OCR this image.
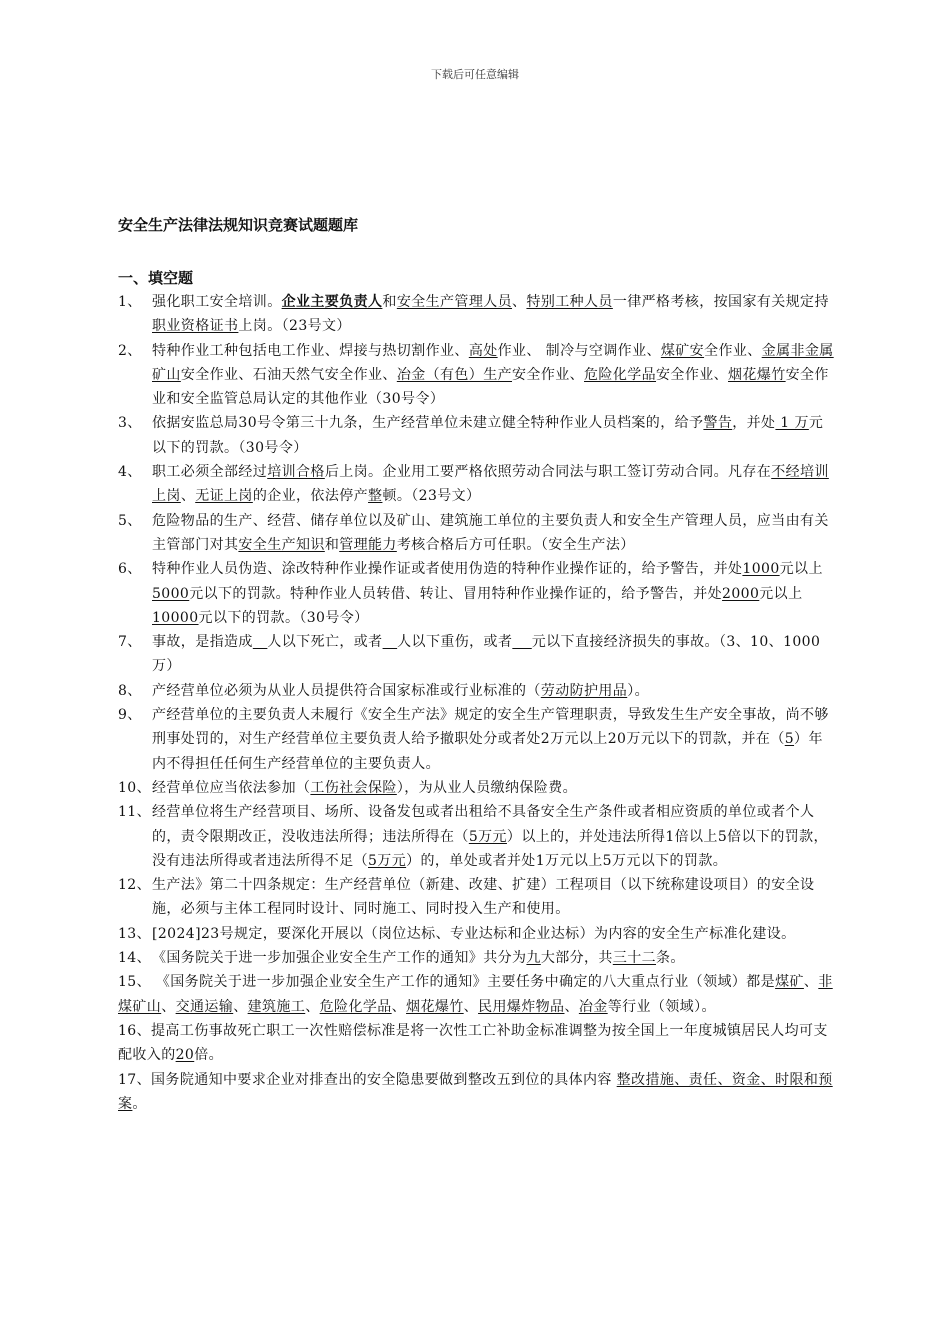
下载后可任意编辑
安全生产法律法规知识竞赛试题题库
一、填空题
1、 强化职工安全培训。企业主要负责人和安全生产管理人员、特别工种人员一律严格考核，按国家有关规定持职业资格证书上岗。（23号文）
2、 特种作业工种包括电工作业、焊接与热切割作业、高处作业、 制冷与空调作业、煤矿安全作业、金属非金属矿山安全作业、石油天然气安全作业、冶金（有色）生产安全作业、危险化学品安全作业、烟花爆竹安全作业和安全监管总局认定的其他作业（30号令）
3、 依据安监总局30号令第三十九条，生产经营单位未建立健全特种作业人员档案的，给予警告，并处 1 万元以下的罚款。（30号令）
4、 职工必须全部经过培训合格后上岗。企业用工要严格依照劳动合同法与职工签订劳动合同。凡存在不经培训上岗、无证上岗的企业，依法停产整顿。（23号文）
5、 危险物品的生产、经营、储存单位以及矿山、建筑施工单位的主要负责人和安全生产管理人员，应当由有关主管部门对其安全生产知识和管理能力考核合格后方可任职。（安全生产法）
6、 特种作业人员伪造、涂改特种作业操作证或者使用伪造的特种作业操作证的，给予警告，并处1000元以上5000元以下的罚款。特种作业人员转借、转让、冒用特种作业操作证的，给予警告，并处2000元以上10000元以下的罚款。（30号令）
7、 事故，是指造成 人以下死亡，或者 人以下重伤，或者 元以下直接经济损失的事故。（3、10、1000万）
8、 产经营单位必须为从业人员提供符合国家标准或行业标准的（劳动防护用品）。
9、 产经营单位的主要负责人未履行《安全生产法》规定的安全生产管理职责，导致发生生产安全事故，尚不够刑事处罚的，对生产经营单位主要负责人给予撤职处分或者处2万元以上20万元以下的罚款，并在（5）年内不得担任任何生产经营单位的主要负责人。
10、 经营单位应当依法参加（工伤社会保险），为从业人员缴纳保险费。
11、 经营单位将生产经营项目、场所、设备发包或者出租给不具备安全生产条件或者相应资质的单位或者个人的，责令限期改正，没收违法所得；违法所得在（5万元）以上的，并处违法所得1倍以上5倍以下的罚款，没有违法所得或者违法所得不足（5万元）的，单处或者并处1万元以上5万元以下的罚款。
12、 生产法》第二十四条规定：生产经营单位（新建、改建、扩建）工程项目（以下统称建设项目）的安全设施，必须与主体工程同时设计、同时施工、同时投入生产和使用。
13、 [2024]23号规定，要深化开展以（岗位达标、专业达标和企业达标）为内容的安全生产标准化建设。
14、 《国务院关于进一步加强企业安全生产工作的通知》共分为九大部分，共三十二条。
15、 《国务院关于进一步加强企业安全生产工作的通知》主要任务中确定的八大重点行业（领域）都是煤矿、非煤矿山、交通运输、建筑施工、危险化学品、烟花爆竹、民用爆炸物品、冶金等行业（领域）。
16、提高工伤事故死亡职工一次性赔偿标准是将一次性工亡补助金标准调整为按全国上一年度城镇居民人均可支配收入的20倍。
17、国务院通知中要求企业对排查出的安全隐患要做到整改五到位的具体内容 整改措施、责任、资金、时限和预案。
